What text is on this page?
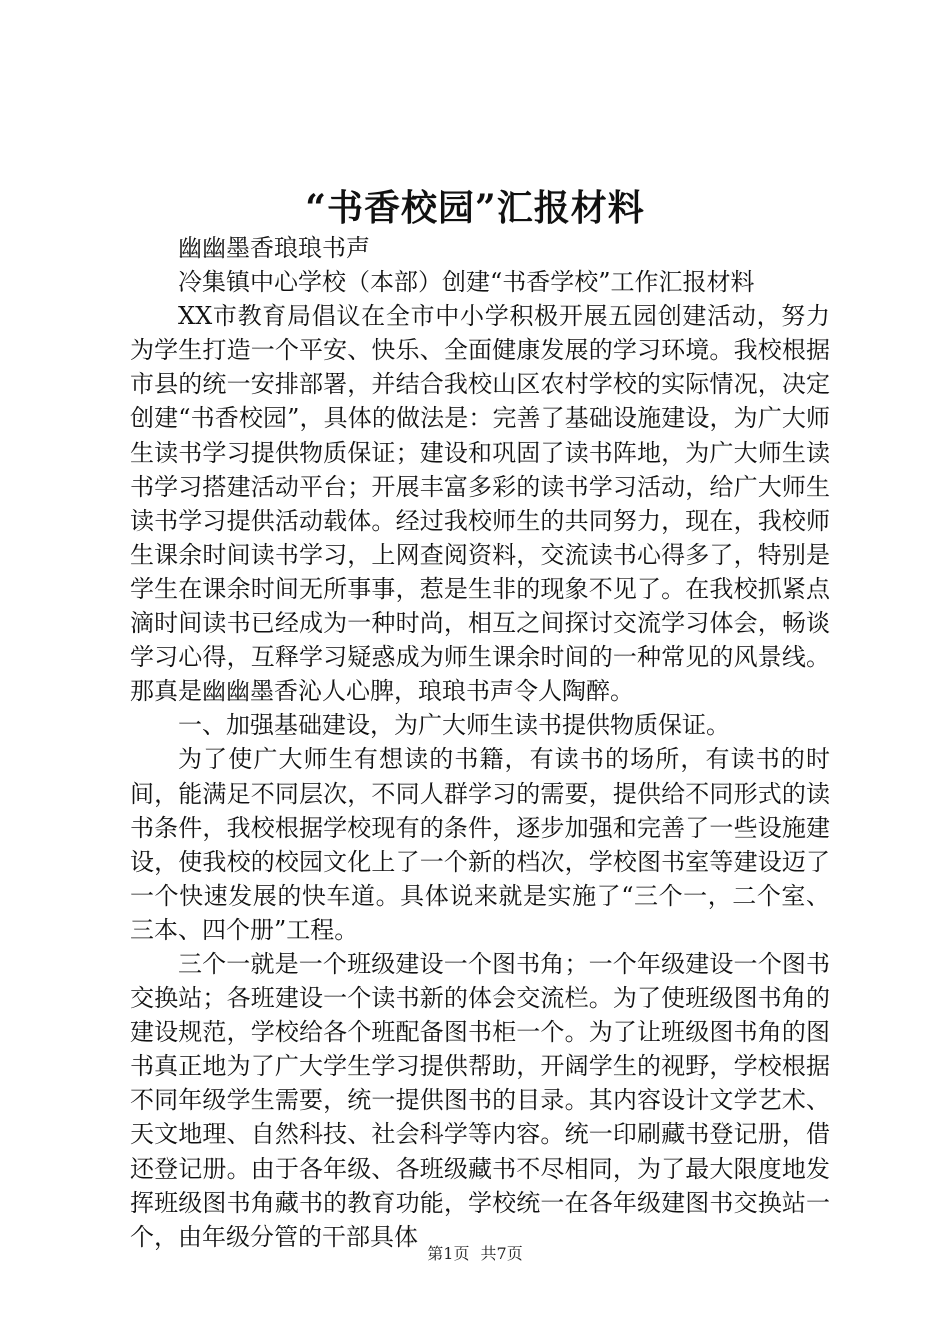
“书香校园”汇报材料

幽幽墨香琅琅书声

冷集镇中心学校（本部）创建“书香学校”工作汇报材料

XX市教育局倡议在全市中小学积极开展五园创建活动，努力为学生打造一个平安、快乐、全面健康发展的学习环境。我校根据市县的统一安排部署，并结合我校山区农村学校的实际情况，决定创建“书香校园”，具体的做法是：完善了基础设施建设，为广大师生读书学习提供物质保证；建设和巩固了读书阵地，为广大师生读书学习搭建活动平台；开展丰富多彩的读书学习活动，给广大师生读书学习提供活动载体。经过我校师生的共同努力，现在，我校师生课余时间读书学习，上网查阅资料，交流读书心得多了，特别是学生在课余时间无所事事，惹是生非的现象不见了。在我校抓紧点滴时间读书已经成为一种时尚，相互之间探讨交流学习体会，畅谈学习心得，互释学习疑惑成为师生课余时间的一种常见的风景线。那真是幽幽墨香沁人心脾，琅琅书声令人陶醉。

一、加强基础建设，为广大师生读书提供物质保证。

为了使广大师生有想读的书籍，有读书的场所，有读书的时间，能满足不同层次，不同人群学习的需要，提供给不同形式的读书条件，我校根据学校现有的条件，逐步加强和完善了一些设施建设，使我校的校园文化上了一个新的档次，学校图书室等建设迈了一个快速发展的快车道。具体说来就是实施了“三个一，二个室、三本、四个册”工程。

三个一就是一个班级建设一个图书角；一个年级建设一个图书交换站；各班建设一个读书新的体会交流栏。为了使班级图书角的建设规范，学校给各个班配备图书柜一个。为了让班级图书角的图书真正地为了广大学生学习提供帮助，开阔学生的视野，学校根据不同年级学生需要，统一提供图书的目录。其内容设计文学艺术、天文地理、自然科技、社会科学等内容。统一印刷藏书登记册，借还登记册。由于各年级、各班级藏书不尽相同，为了最大限度地发挥班级图书角藏书的教育功能，学校统一在各年级建图书交换站一个，由年级分管的干部具体

第1页 共7页
